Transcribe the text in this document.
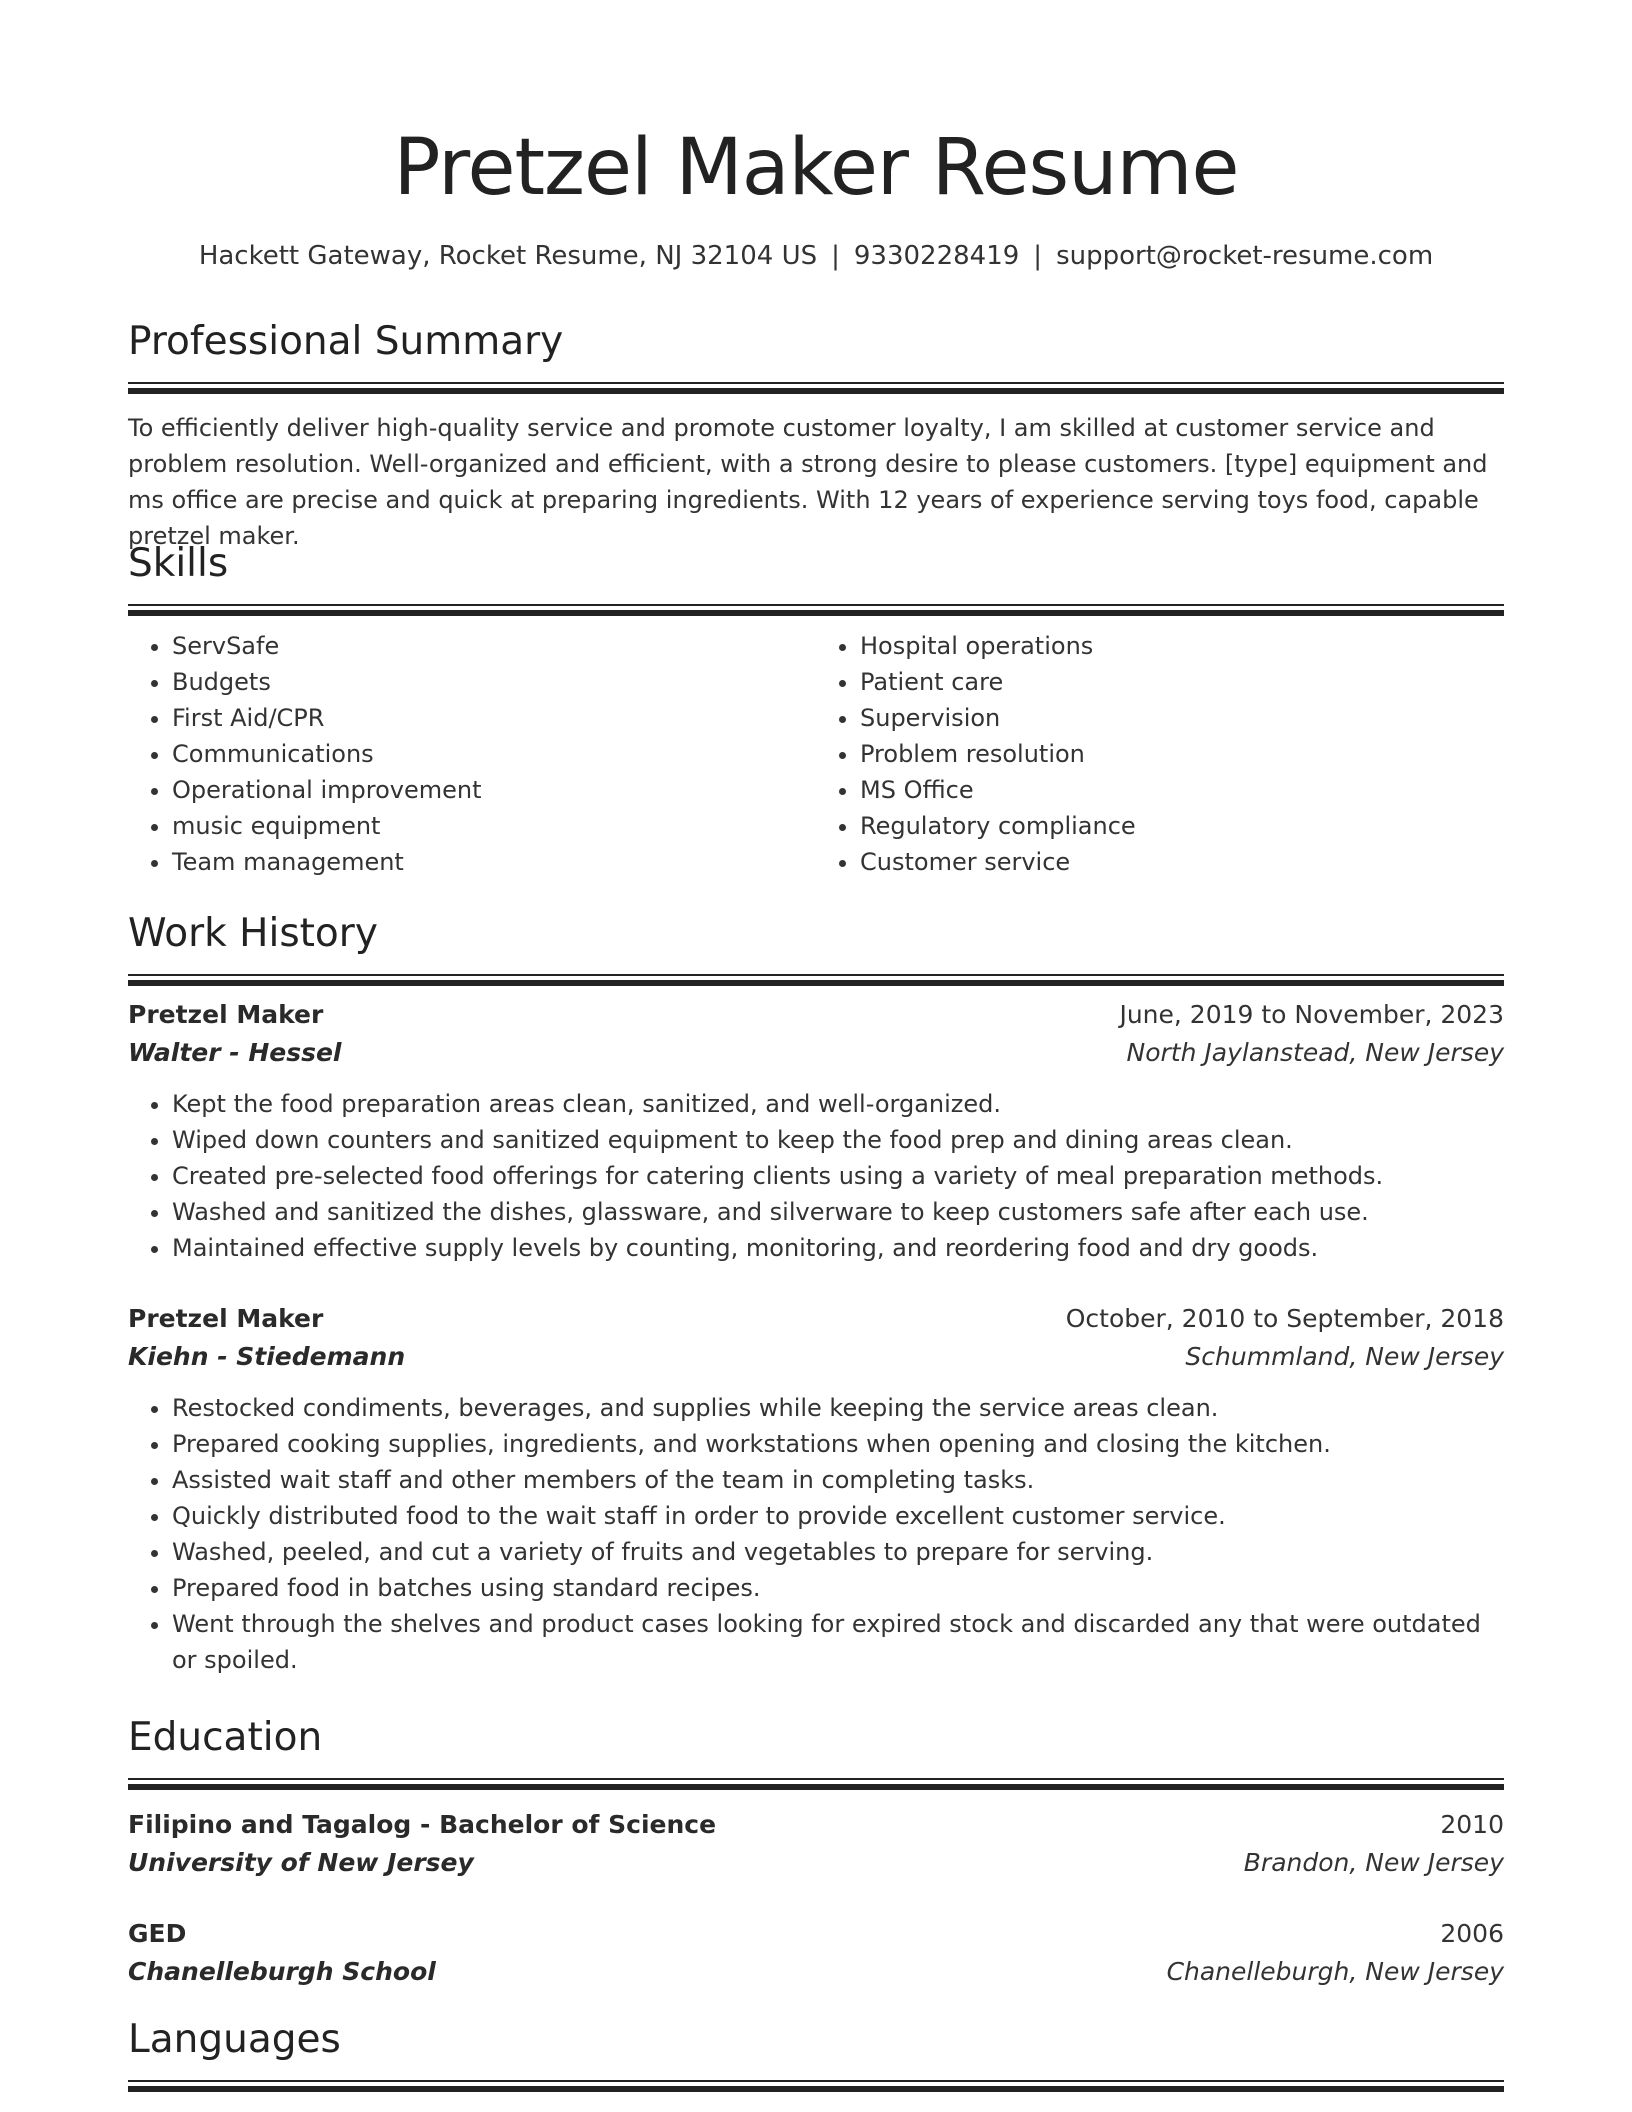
Pretzel Maker Resume
Hackett Gateway, Rocket Resume, NJ 32104 US | 9330228419 | support@rocket-resume.com
Professional Summary

To efficiently deliver high-quality service and promote customer loyalty, I am skilled at customer service and problem resolution. Well-organized and efficient, with a strong desire to please customers. [type] equipment and ms office are precise and quick at preparing ingredients. With 12 years of experience serving toys food, capable pretzel maker.

Skills
• ServSafe
• Budgets
• First Aid/CPR
• Communications
• Operational improvement
• music equipment
• Team management
• Hospital operations
• Patient care
• Supervision
• Problem resolution
• MS Office
• Regulatory compliance
• Customer service
Work History
Pretzel Maker	June, 2019 to November, 2023
Walter - Hessel	North Jaylanstead, New Jersey
• Kept the food preparation areas clean, sanitized, and well-organized.
• Wiped down counters and sanitized equipment to keep the food prep and dining areas clean.
• Created pre-selected food offerings for catering clients using a variety of meal preparation methods.
• Washed and sanitized the dishes, glassware, and silverware to keep customers safe after each use.
• Maintained effective supply levels by counting, monitoring, and reordering food and dry goods.
Pretzel Maker	October, 2010 to September, 2018
Kiehn - Stiedemann	Schummland, New Jersey
• Restocked condiments, beverages, and supplies while keeping the service areas clean.
• Prepared cooking supplies, ingredients, and workstations when opening and closing the kitchen.
• Assisted wait staff and other members of the team in completing tasks.
• Quickly distributed food to the wait staff in order to provide excellent customer service.
• Washed, peeled, and cut a variety of fruits and vegetables to prepare for serving.
• Prepared food in batches using standard recipes.
• Went through the shelves and product cases looking for expired stock and discarded any that were outdated or spoiled.
Education
Filipino and Tagalog - Bachelor of Science	2010
University of New Jersey	Brandon, New Jersey
GED	2006
Chanelleburgh School	Chanelleburgh, New Jersey
Languages
